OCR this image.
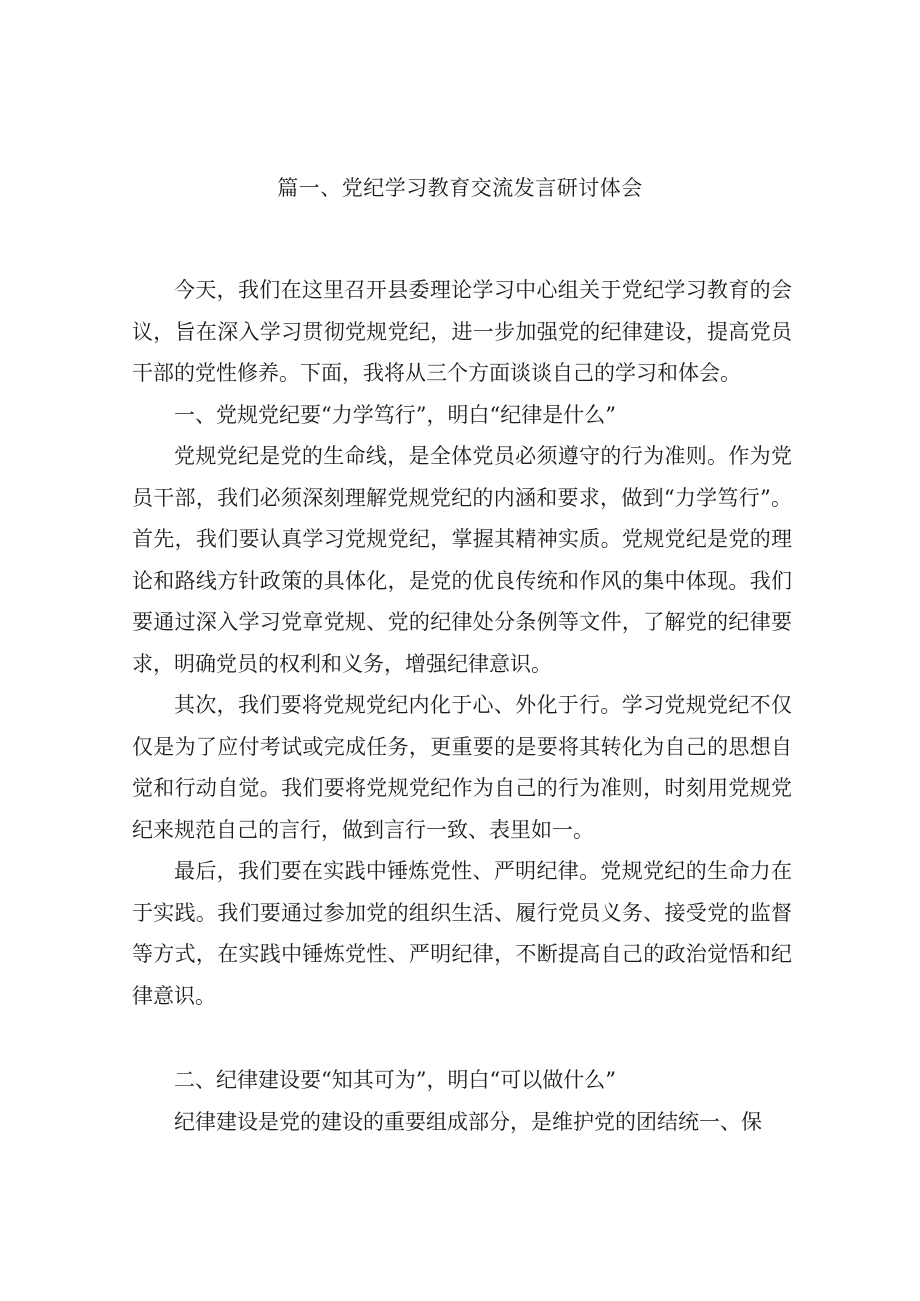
篇一、党纪学习教育交流发言研讨体会

今天，我们在这里召开县委理论学习中心组关于党纪学习教育的会议，旨在深入学习贯彻党规党纪，进一步加强党的纪律建设，提高党员干部的党性修养。下面，我将从三个方面谈谈自己的学习和体会。

一、党规党纪要“力学笃行”，明白“纪律是什么”

党规党纪是党的生命线，是全体党员必须遵守的行为准则。作为党员干部，我们必须深刻理解党规党纪的内涵和要求，做到“力学笃行”。首先，我们要认真学习党规党纪，掌握其精神实质。党规党纪是党的理论和路线方针政策的具体化，是党的优良传统和作风的集中体现。我们要通过深入学习党章党规、党的纪律处分条例等文件，了解党的纪律要求，明确党员的权利和义务，增强纪律意识。

其次，我们要将党规党纪内化于心、外化于行。学习党规党纪不仅仅是为了应付考试或完成任务，更重要的是要将其转化为自己的思想自觉和行动自觉。我们要将党规党纪作为自己的行为准则，时刻用党规党纪来规范自己的言行，做到言行一致、表里如一。

最后，我们要在实践中锤炼党性、严明纪律。党规党纪的生命力在于实践。我们要通过参加党的组织生活、履行党员义务、接受党的监督等方式，在实践中锤炼党性、严明纪律，不断提高自己的政治觉悟和纪律意识。

二、纪律建设要“知其可为”，明白“可以做什么”

纪律建设是党的建设的重要组成部分，是维护党的团结统一、保
